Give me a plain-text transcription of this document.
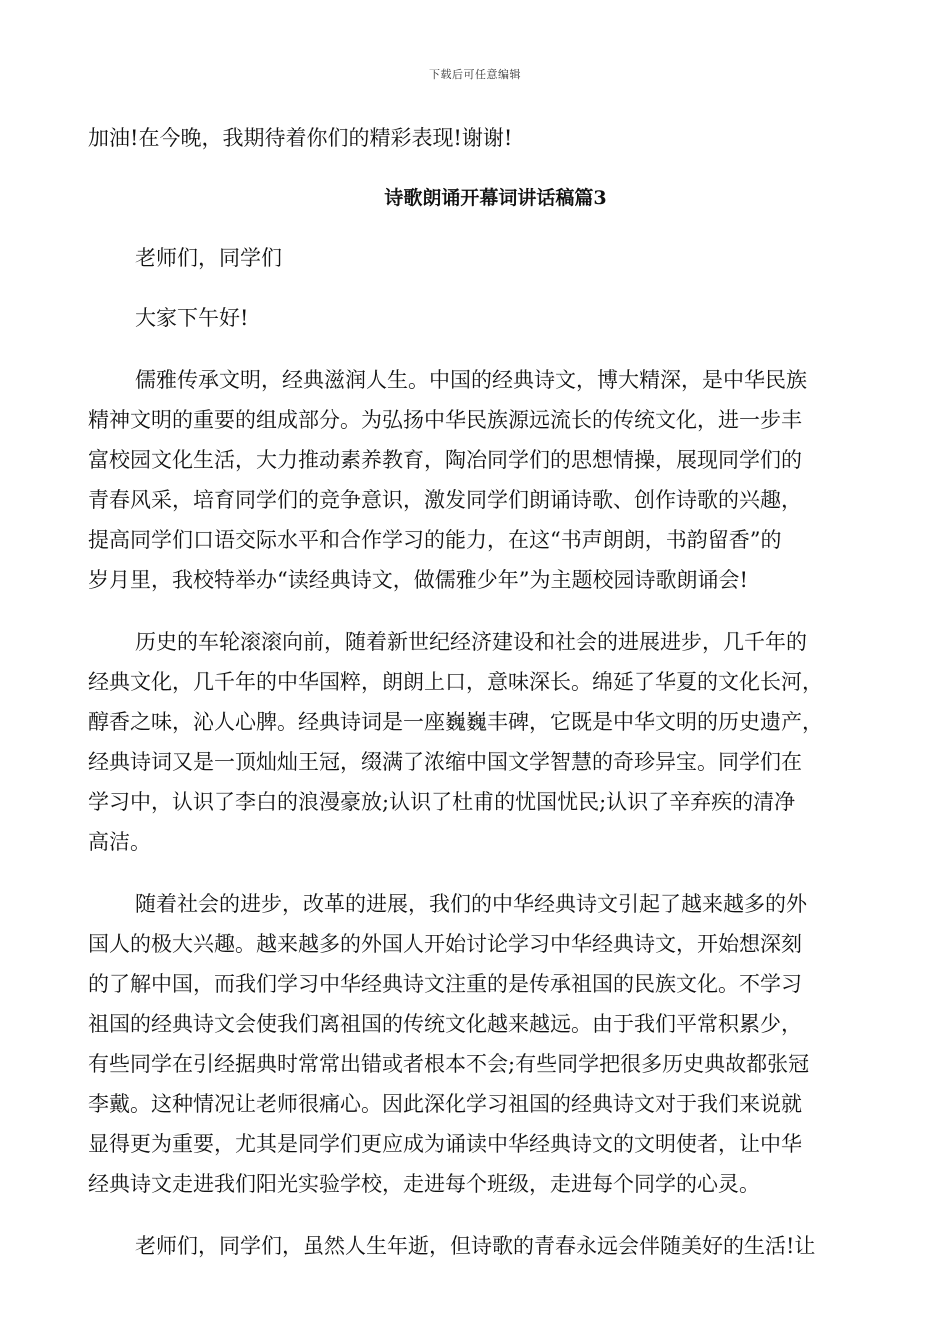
下载后可任意编辑
加油!在今晚，我期待着你们的精彩表现!谢谢!
诗歌朗诵开幕词讲话稿篇3
老师们，同学们
大家下午好!
儒雅传承文明，经典滋润人生。中国的经典诗文，博大精深，是中华民族
精神文明的重要的组成部分。为弘扬中华民族源远流长的传统文化，进一步丰
富校园文化生活，大力推动素养教育，陶冶同学们的思想情操，展现同学们的
青春风采，培育同学们的竞争意识，激发同学们朗诵诗歌、创作诗歌的兴趣，
提高同学们口语交际水平和合作学习的能力，在这“书声朗朗，书韵留香”的
岁月里，我校特举办“读经典诗文，做儒雅少年”为主题校园诗歌朗诵会!
历史的车轮滚滚向前，随着新世纪经济建设和社会的进展进步，几千年的
经典文化，几千年的中华国粹，朗朗上口，意味深长。绵延了华夏的文化长河，
醇香之味，沁人心脾。经典诗词是一座巍巍丰碑，它既是中华文明的历史遗产，
经典诗词又是一顶灿灿王冠，缀满了浓缩中国文学智慧的奇珍异宝。同学们在
学习中，认识了李白的浪漫豪放;认识了杜甫的忧国忧民;认识了辛弃疾的清净
高洁。
随着社会的进步，改革的进展，我们的中华经典诗文引起了越来越多的外
国人的极大兴趣。越来越多的外国人开始讨论学习中华经典诗文，开始想深刻
的了解中国，而我们学习中华经典诗文注重的是传承祖国的民族文化。不学习
祖国的经典诗文会使我们离祖国的传统文化越来越远。由于我们平常积累少，
有些同学在引经据典时常常出错或者根本不会;有些同学把很多历史典故都张冠
李戴。这种情况让老师很痛心。因此深化学习祖国的经典诗文对于我们来说就
显得更为重要，尤其是同学们更应成为诵读中华经典诗文的文明使者，让中华
经典诗文走进我们阳光实验学校，走进每个班级，走进每个同学的心灵。
老师们，同学们，虽然人生年逝，但诗歌的青春永远会伴随美好的生活!让
